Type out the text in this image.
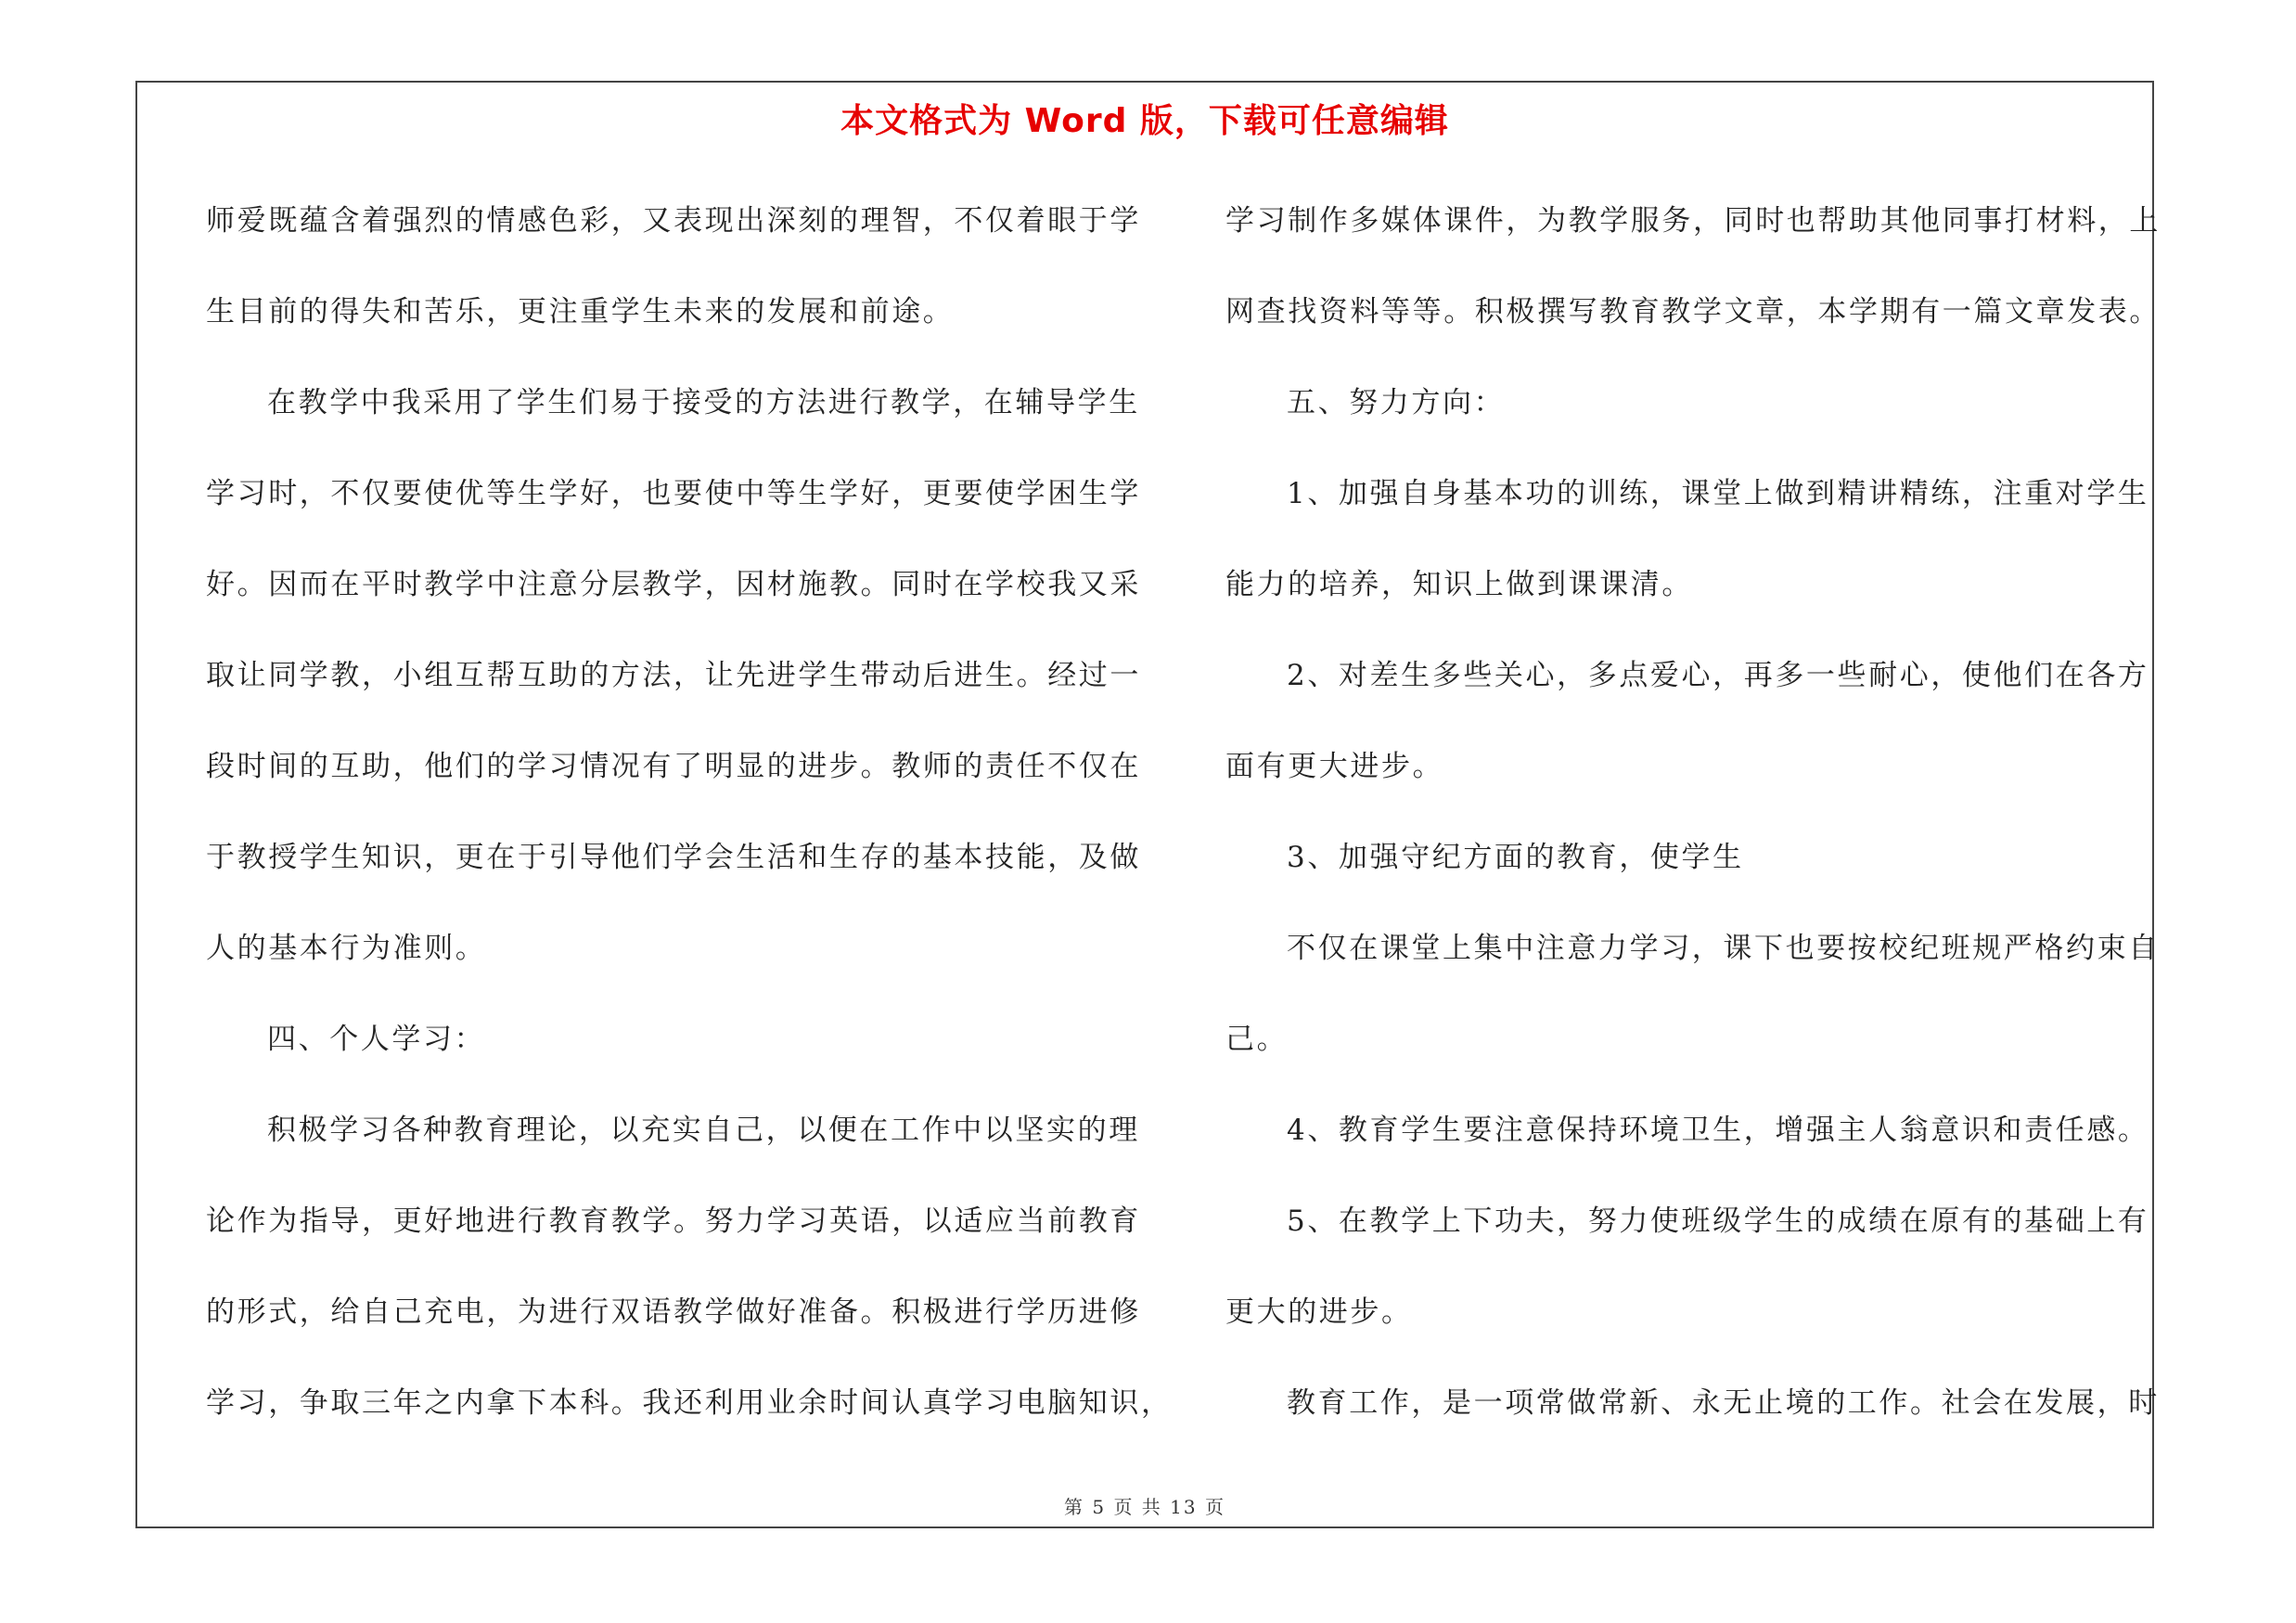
本文格式为 Word 版，下载可任意编辑
师爱既蕴含着强烈的情感色彩，又表现出深刻的理智，不仅着眼于学
生目前的得失和苦乐，更注重学生未来的发展和前途。
在教学中我采用了学生们易于接受的方法进行教学，在辅导学生
学习时，不仅要使优等生学好，也要使中等生学好，更要使学困生学
好。因而在平时教学中注意分层教学，因材施教。同时在学校我又采
取让同学教，小组互帮互助的方法，让先进学生带动后进生。经过一
段时间的互助，他们的学习情况有了明显的进步。教师的责任不仅在
于教授学生知识，更在于引导他们学会生活和生存的基本技能，及做
人的基本行为准则。
四、个人学习：
积极学习各种教育理论，以充实自己，以便在工作中以坚实的理
论作为指导，更好地进行教育教学。努力学习英语，以适应当前教育
的形式，给自己充电，为进行双语教学做好准备。积极进行学历进修
学习，争取三年之内拿下本科。我还利用业余时间认真学习电脑知识，
学习制作多媒体课件，为教学服务，同时也帮助其他同事打材料，上
网查找资料等等。积极撰写教育教学文章，本学期有一篇文章发表。
五、努力方向：
1、加强自身基本功的训练，课堂上做到精讲精练，注重对学生
能力的培养，知识上做到课课清。
2、对差生多些关心，多点爱心，再多一些耐心，使他们在各方
面有更大进步。
3、加强守纪方面的教育，使学生
不仅在课堂上集中注意力学习，课下也要按校纪班规严格约束自
己。
4、教育学生要注意保持环境卫生，增强主人翁意识和责任感。
5、在教学上下功夫，努力使班级学生的成绩在原有的基础上有
更大的进步。
教育工作，是一项常做常新、永无止境的工作。社会在发展，时
第 5 页 共 13 页
